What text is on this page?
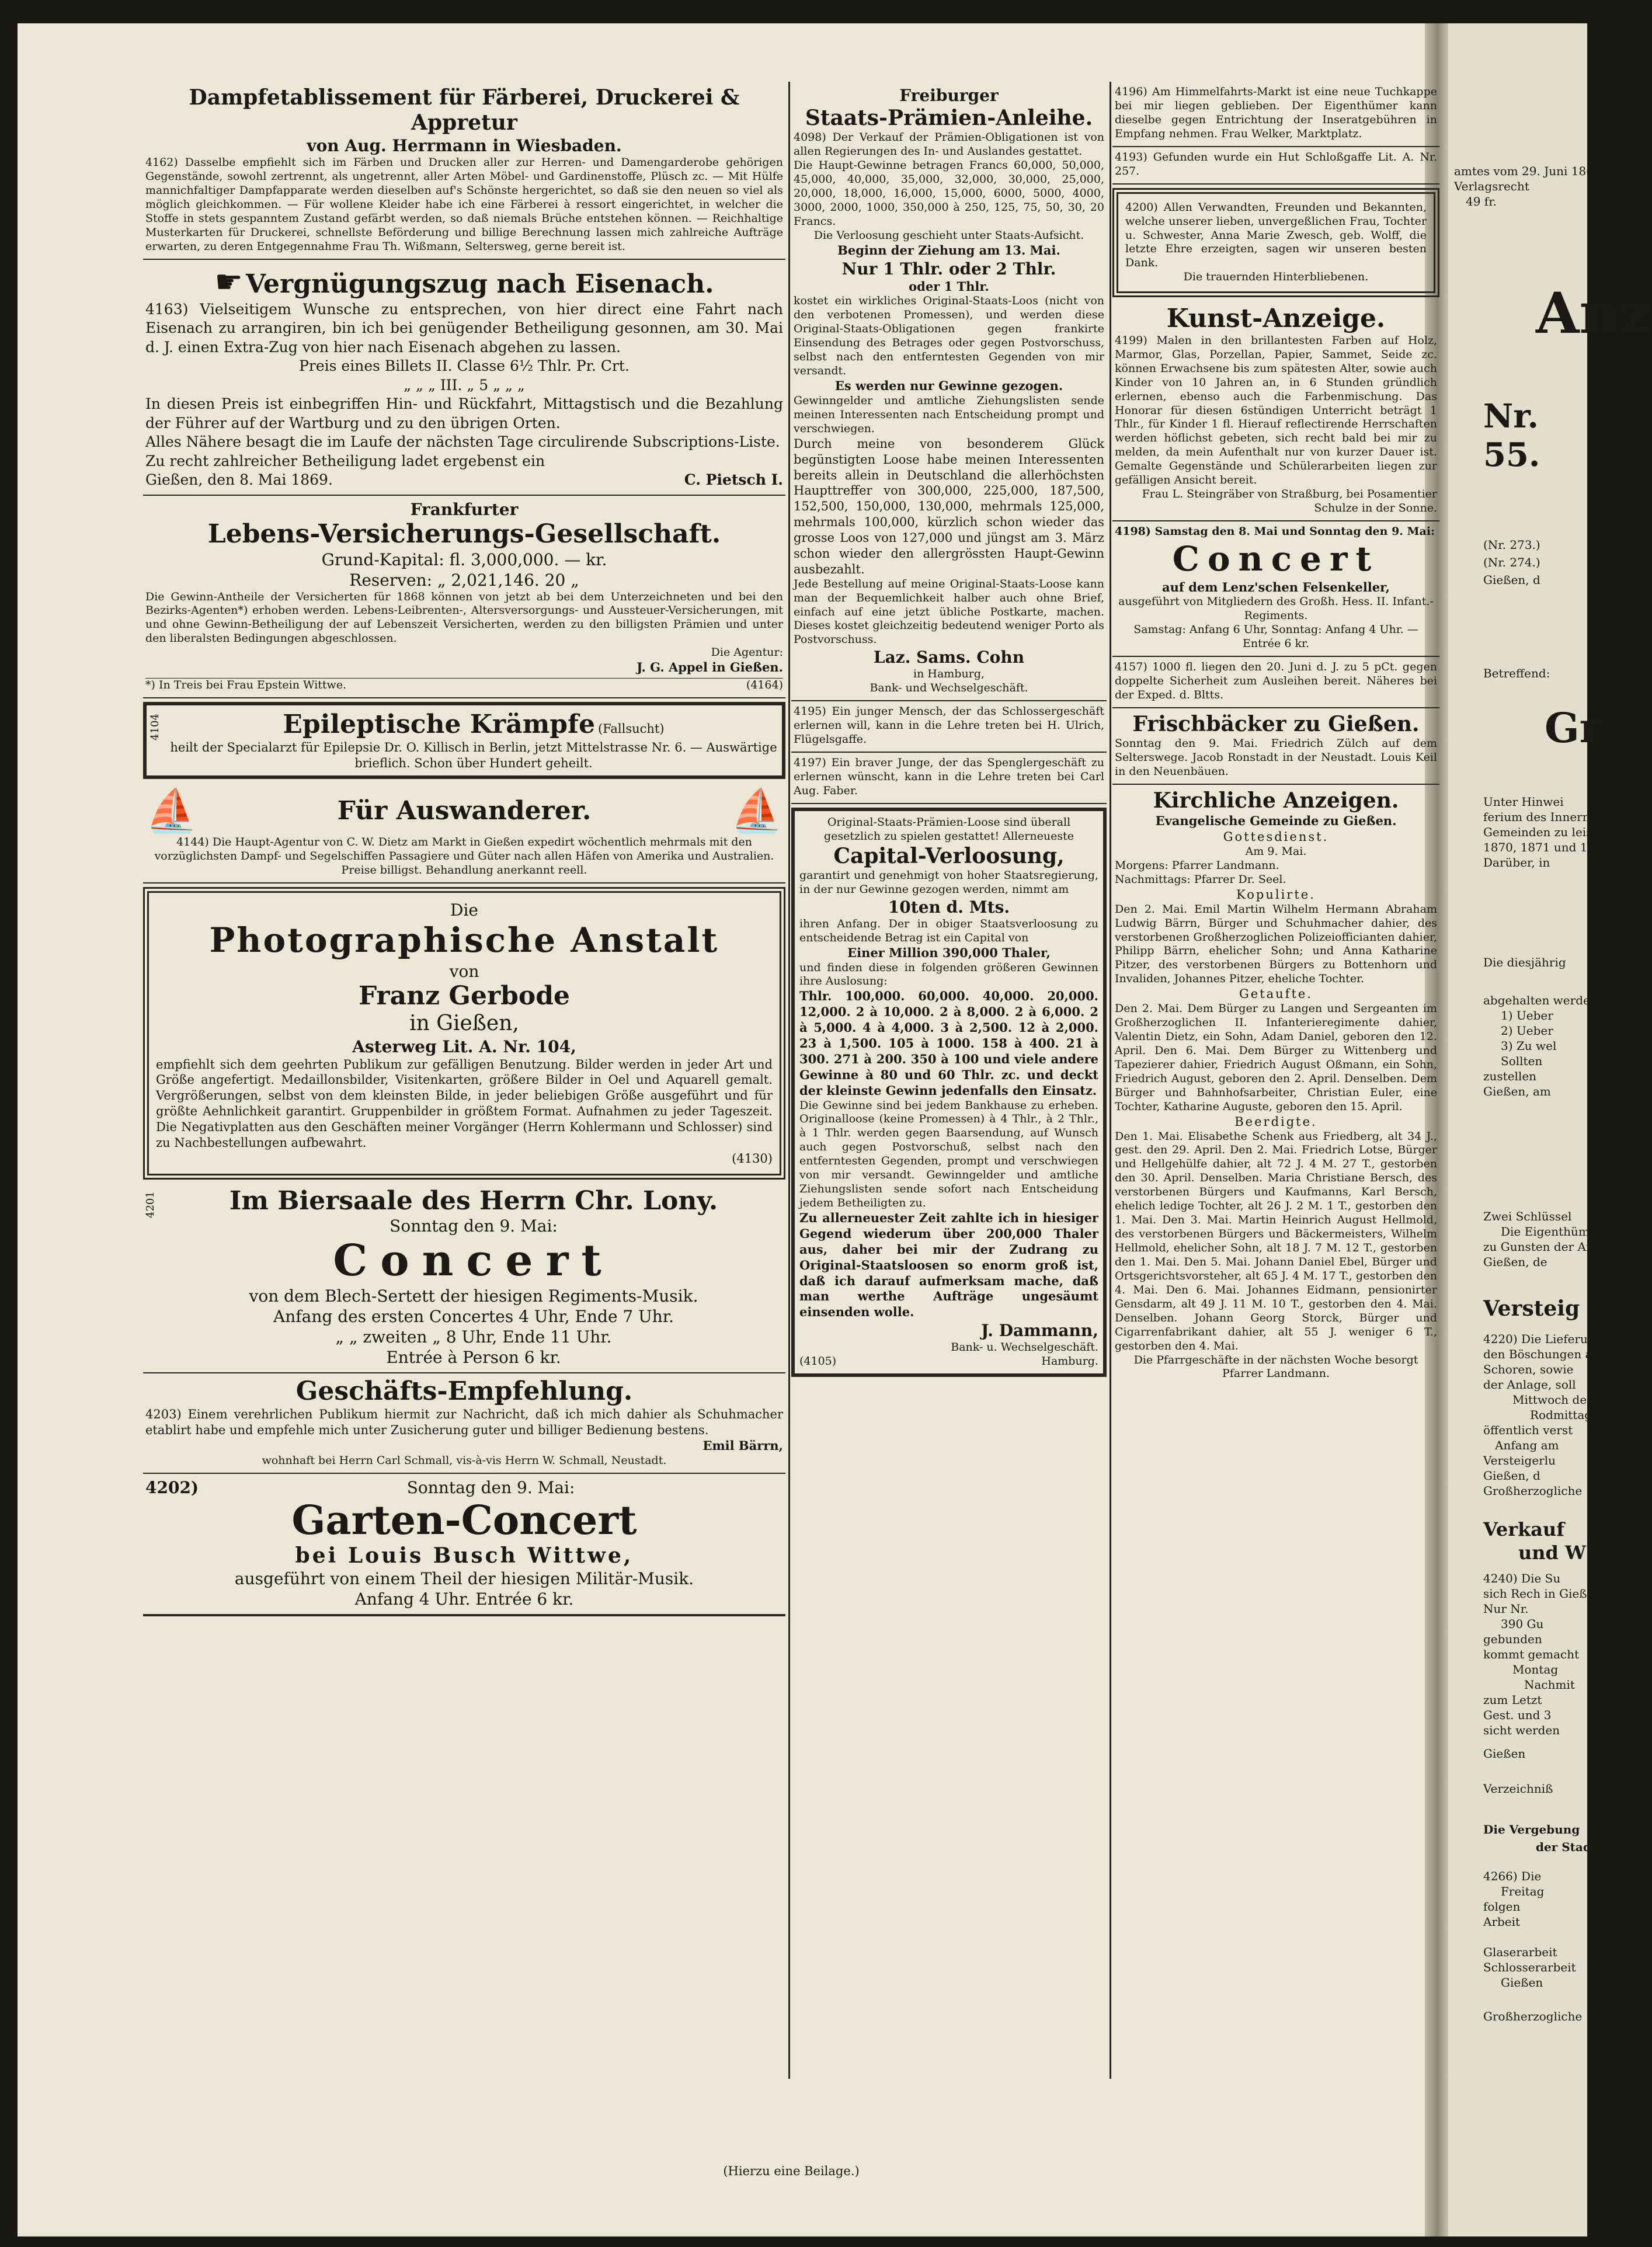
Dampfetablissement für Färberei, Druckerei & Appretur
von Aug. Herrmann in Wiesbaden.
4162) Dasselbe empfiehlt sich im Färben und Drucken aller zur Herren- und Damengarderobe gehörigen Gegenstände, sowohl zertrennt, als ungetrennt, aller Arten Möbel- und Gardinenstoffe, Plüsch zc. — Mit Hülfe mannichfaltiger Dampfapparate werden dieselben auf's Schönste hergerichtet, so daß sie den neuen so viel als möglich gleichkommen. — Für wollene Kleider habe ich eine Färberei à ressort eingerichtet, in welcher die Stoffe in stets gespanntem Zustand gefärbt werden, so daß niemals Brüche entstehen können. — Reichhaltige Musterkarten für Druckerei, schnellste Beförderung und billige Berechnung lassen mich zahlreiche Aufträge erwarten, zu deren Entgegennahme Frau Th. Wißmann, Seltersweg, gerne bereit ist.
☛ Vergnügungszug nach Eisenach.
4163) Vielseitigem Wunsche zu entsprechen, von hier direct eine Fahrt nach Eisenach zu arrangiren, bin ich bei genügender Betheiligung gesonnen, am 30. Mai d. J. einen Extra-Zug von hier nach Eisenach abgehen zu lassen.
Preis eines Billets II. Classe 6½ Thlr. Pr. Crt.
„ „ „ III. „ 5 „ „ „
In diesen Preis ist einbegriffen Hin- und Rückfahrt, Mittagstisch und die Bezahlung der Führer auf der Wartburg und zu den übrigen Orten.
Alles Nähere besagt die im Laufe der nächsten Tage circulirende Subscriptions-Liste.
Zu recht zahlreicher Betheiligung ladet ergebenst ein
Gießen, den 8. Mai 1869.	C. Pietsch I.
Frankfurter
Lebens-Versicherungs-Gesellschaft.
Grund-Kapital: fl. 3,000,000. — kr.
Reserven: „ 2,021,146. 20 „
Die Gewinn-Antheile der Versicherten für 1868 können von jetzt ab bei dem Unterzeichneten und bei den Bezirks-Agenten*) erhoben werden. Lebens-Leibrenten-, Altersversorgungs- und Aussteuer-Versicherungen, mit und ohne Gewinn-Betheiligung der auf Lebenszeit Versicherten, werden zu den billigsten Prämien und unter den liberalsten Bedingungen abgeschlossen.
Die Agentur:
J. G. Appel in Gießen.
*) In Treis bei Frau Epstein Wittwe.	(4164)
4104	Epileptische Krämpfe (Fallsucht)
heilt der Specialarzt für Epilepsie Dr. O. Killisch in Berlin, jetzt Mittelstrasse Nr. 6. — Auswärtige brieflich. Schon über Hundert geheilt.
⛵	Für Auswanderer.	⛵
4144) Die Haupt-Agentur von C. W. Dietz am Markt in Gießen expedirt wöchentlich mehrmals mit den vorzüglichsten Dampf- und Segelschiffen Passagiere und Güter nach allen Häfen von Amerika und Australien. Preise billigst. Behandlung anerkannt reell.
Die
Photographische Anstalt
von
Franz Gerbode
in Gießen,
Asterweg Lit. A. Nr. 104,
empfiehlt sich dem geehrten Publikum zur gefälligen Benutzung. Bilder werden in jeder Art und Größe angefertigt. Medaillonsbilder, Visitenkarten, größere Bilder in Oel und Aquarell gemalt. Vergrößerungen, selbst von dem kleinsten Bilde, in jeder beliebigen Größe ausgeführt und für größte Aehnlichkeit garantirt. Gruppenbilder in größtem Format. Aufnahmen zu jeder Tageszeit. Die Negativplatten aus den Geschäften meiner Vorgänger (Herrn Kohlermann und Schlosser) sind zu Nachbestellungen aufbewahrt.
(4130)
4201	Im Biersaale des Herrn Chr. Lony.
Sonntag den 9. Mai:
Concert
von dem Blech-Sertett der hiesigen Regiments-Musik.
Anfang des ersten Concertes 4 Uhr, Ende 7 Uhr.
„ „ zweiten „ 8 Uhr, Ende 11 Uhr.
Entrée à Person 6 kr.
Geschäfts-Empfehlung.
4203) Einem verehrlichen Publikum hiermit zur Nachricht, daß ich mich dahier als Schuhmacher etablirt habe und empfehle mich unter Zusicherung guter und billiger Bedienung bestens.
Emil Bärrn,
wohnhaft bei Herrn Carl Schmall, vis-à-vis Herrn W. Schmall, Neustadt.
4202)	Sonntag den 9. Mai:
Garten-Concert
bei Louis Busch Wittwe,
ausgeführt von einem Theil der hiesigen Militär-Musik.
Anfang 4 Uhr. Entrée 6 kr.
Freiburger
Staats-Prämien-Anleihe.
4098) Der Verkauf der Prämien-Obligationen ist von allen Regierungen des In- und Auslandes gestattet.
Die Haupt-Gewinne betragen Francs 60,000, 50,000, 45,000, 40,000, 35,000, 32,000, 30,000, 25,000, 20,000, 18,000, 16,000, 15,000, 6000, 5000, 4000, 3000, 2000, 1000, 350,000 à 250, 125, 75, 50, 30, 20 Francs.
Die Verloosung geschieht unter Staats-Aufsicht.
Beginn der Ziehung am 13. Mai.
Nur 1 Thlr. oder 2 Thlr.
oder 1 Thlr.
kostet ein wirkliches Original-Staats-Loos (nicht von den verbotenen Promessen), und werden diese Original-Staats-Obligationen gegen frankirte Einsendung des Betrages oder gegen Postvorschuss, selbst nach den entferntesten Gegenden von mir versandt.
Es werden nur Gewinne gezogen.
Gewinngelder und amtliche Ziehungslisten sende meinen Interessenten nach Entscheidung prompt und verschwiegen.
Durch meine von besonderem Glück begünstigten Loose habe meinen Interessenten bereits allein in Deutschland die allerhöchsten Haupttreffer von 300,000, 225,000, 187,500, 152,500, 150,000, 130,000, mehrmals 125,000, mehrmals 100,000, kürzlich schon wieder das grosse Loos von 127,000 und jüngst am 3. März schon wieder den allergrössten Haupt-Gewinn ausbezahlt.
Jede Bestellung auf meine Original-Staats-Loose kann man der Bequemlichkeit halber auch ohne Brief, einfach auf eine jetzt übliche Postkarte, machen. Dieses kostet gleichzeitig bedeutend weniger Porto als Postvorschuss.
Laz. Sams. Cohn
in Hamburg,
Bank- und Wechselgeschäft.
4195) Ein junger Mensch, der das Schlossergeschäft erlernen will, kann in die Lehre treten bei H. Ulrich, Flügelsgaffe.
4197) Ein braver Junge, der das Spenglergeschäft zu erlernen wünscht, kann in die Lehre treten bei Carl Aug. Faber.
Original-Staats-Prämien-Loose sind überall gesetzlich zu spielen gestattet! Allerneueste
Capital-Verloosung,
garantirt und genehmigt von hoher Staatsregierung, in der nur Gewinne gezogen werden, nimmt am
10ten d. Mts.
ihren Anfang. Der in obiger Staatsverloosung zu entscheidende Betrag ist ein Capital von
Einer Million 390,000 Thaler,
und finden diese in folgenden größeren Gewinnen ihre Auslosung:
Thlr. 100,000. 60,000. 40,000. 20,000. 12,000. 2 à 10,000. 2 à 8,000. 2 à 6,000. 2 à 5,000. 4 à 4,000. 3 à 2,500. 12 à 2,000. 23 à 1,500. 105 à 1000. 158 à 400. 21 à 300. 271 à 200. 350 à 100 und viele andere Gewinne à 80 und 60 Thlr. zc. und deckt der kleinste Gewinn jedenfalls den Einsatz.
Die Gewinne sind bei jedem Bankhause zu erheben. Originalloose (keine Promessen) à 4 Thlr., à 2 Thlr., à 1 Thlr. werden gegen Baarsendung, auf Wunsch auch gegen Postvorschuß, selbst nach den entferntesten Gegenden, prompt und verschwiegen von mir versandt. Gewinngelder und amtliche Ziehungslisten sende sofort nach Entscheidung jedem Betheiligten zu.
Zu allerneuester Zeit zahlte ich in hiesiger Gegend wiederum über 200,000 Thaler aus, daher bei mir der Zudrang zu Original-Staatsloosen so enorm groß ist, daß ich darauf aufmerksam mache, daß man werthe Aufträge ungesäumt einsenden wolle.
J. Dammann,
Bank- u. Wechselgeschäft.
(4105)	Hamburg.
4196) Am Himmelfahrts-Markt ist eine neue Tuchkappe bei mir liegen geblieben. Der Eigenthümer kann dieselbe gegen Entrichtung der Inseratgebühren in Empfang nehmen. Frau Welker, Marktplatz.
4193) Gefunden wurde ein Hut Schloßgaffe Lit. A. Nr. 257.
4200) Allen Verwandten, Freunden und Bekannten, welche unserer lieben, unvergeßlichen Frau, Tochter u. Schwester, Anna Marie Zwesch, geb. Wolff, die letzte Ehre erzeigten, sagen wir unseren besten Dank.
Die trauernden Hinterbliebenen.
Kunst-Anzeige.
4199) Malen in den brillantesten Farben auf Holz, Marmor, Glas, Porzellan, Papier, Sammet, Seide zc. können Erwachsene bis zum spätesten Alter, sowie auch Kinder von 10 Jahren an, in 6 Stunden gründlich erlernen, ebenso auch die Farbenmischung. Das Honorar für diesen 6stündigen Unterricht beträgt 1 Thlr., für Kinder 1 fl. Hierauf reflectirende Herrschaften werden höflichst gebeten, sich recht bald bei mir zu melden, da mein Aufenthalt nur von kurzer Dauer ist. Gemalte Gegenstände und Schülerarbeiten liegen zur gefälligen Ansicht bereit.
Frau L. Steingräber von Straßburg, bei Posamentier Schulze in der Sonne.
4198) Samstag den 8. Mai und Sonntag den 9. Mai:
Concert
auf dem Lenz'schen Felsenkeller,
ausgeführt von Mitgliedern des Großh. Hess. II. Infant.-Regiments.
Samstag: Anfang 6 Uhr, Sonntag: Anfang 4 Uhr. — Entrée 6 kr.
4157) 1000 fl. liegen den 20. Juni d. J. zu 5 pCt. gegen doppelte Sicherheit zum Ausleihen bereit. Näheres bei der Exped. d. Bltts.
Frischbäcker zu Gießen.
Sonntag den 9. Mai. Friedrich Zülch auf dem Selterswege. Jacob Ronstadt in der Neustadt. Louis Keil in den Neuenbäuen.
Kirchliche Anzeigen.
Evangelische Gemeinde zu Gießen.
Gottesdienst.
Am 9. Mai.
Morgens: Pfarrer Landmann.
Nachmittags: Pfarrer Dr. Seel.
Kopulirte.
Den 2. Mai. Emil Martin Wilhelm Hermann Abraham Ludwig Bärrn, Bürger und Schuhmacher dahier, des verstorbenen Großherzoglichen Polizeiofficianten dahier, Philipp Bärrn, ehelicher Sohn; und Anna Katharine Pitzer, des verstorbenen Bürgers zu Bottenhorn und Invaliden, Johannes Pitzer, eheliche Tochter.
Getaufte.
Den 2. Mai. Dem Bürger zu Langen und Sergeanten im Großherzoglichen II. Infanterieregimente dahier, Valentin Dietz, ein Sohn, Adam Daniel, geboren den 12. April. Den 6. Mai. Dem Bürger zu Wittenberg und Tapezierer dahier, Friedrich August Oßmann, ein Sohn, Friedrich August, geboren den 2. April. Denselben. Dem Bürger und Bahnhofsarbeiter, Christian Euler, eine Tochter, Katharine Auguste, geboren den 15. April.
Beerdigte.
Den 1. Mai. Elisabethe Schenk aus Friedberg, alt 34 J., gest. den 29. April. Den 2. Mai. Friedrich Lotse, Bürger und Hellgehülfe dahier, alt 72 J. 4 M. 27 T., gestorben den 30. April. Denselben. Maria Christiane Bersch, des verstorbenen Bürgers und Kaufmanns, Karl Bersch, ehelich ledige Tochter, alt 26 J. 2 M. 1 T., gestorben den 1. Mai. Den 3. Mai. Martin Heinrich August Hellmold, des verstorbenen Bürgers und Bäckermeisters, Wilhelm Hellmold, ehelicher Sohn, alt 18 J. 7 M. 12 T., gestorben den 1. Mai. Den 5. Mai. Johann Daniel Ebel, Bürger und Ortsgerichtsvorsteher, alt 65 J. 4 M. 17 T., gestorben den 4. Mai. Den 6. Mai. Johannes Eidmann, pensionirter Gensdarm, alt 49 J. 11 M. 10 T., gestorben den 4. Mai. Denselben. Johann Georg Storck, Bürger und Cigarrenfabrikant dahier, alt 55 J. weniger 6 T., gestorben den 4. Mai.
Die Pfarrgeschäfte in der nächsten Woche besorgt Pfarrer Landmann.
(Hierzu eine Beilage.)
amtes vom 29. Juni 1869
Verlagsrecht
49 fr.
Anz
Nr. 55.
(Nr. 273.)
(Nr. 274.)
Gießen, d
Betreffend:
Gr
Unter Hinwei
ferium des Innern
Gemeinden zu leisten
1870, 1871 und 187
Darüber, in
Die diesjährig
abgehalten werden.
1) Ueber
2) Ueber
3) Zu wel
Sollten
zustellen
Gießen, am
Zwei Schlüssel
Die Eigenthüm
zu Gunsten der Arm
Gießen, de
Versteig
4220) Die Lieferun
den Böschungen an
Schoren, sowie
der Anlage, soll
Mittwoch den
Rodmittag
öffentlich verst
Anfang am
Versteigerlu
Gießen, d
Großherzogliche
Verkauf
und W
4240) Die Su
sich Rech in Gießen
Nur Nr.
390 Gu
gebunden
kommt gemacht
Montag
Nachmit
zum Letzt
Gest. und 3
sicht werden
Gießen
Verzeichniß
Die Vergebung
der Stadt
4266) Die
Freitag
folgen
Arbeit
Glaserarbeit
Schlosserarbeit
Gießen
Großherzogliche
